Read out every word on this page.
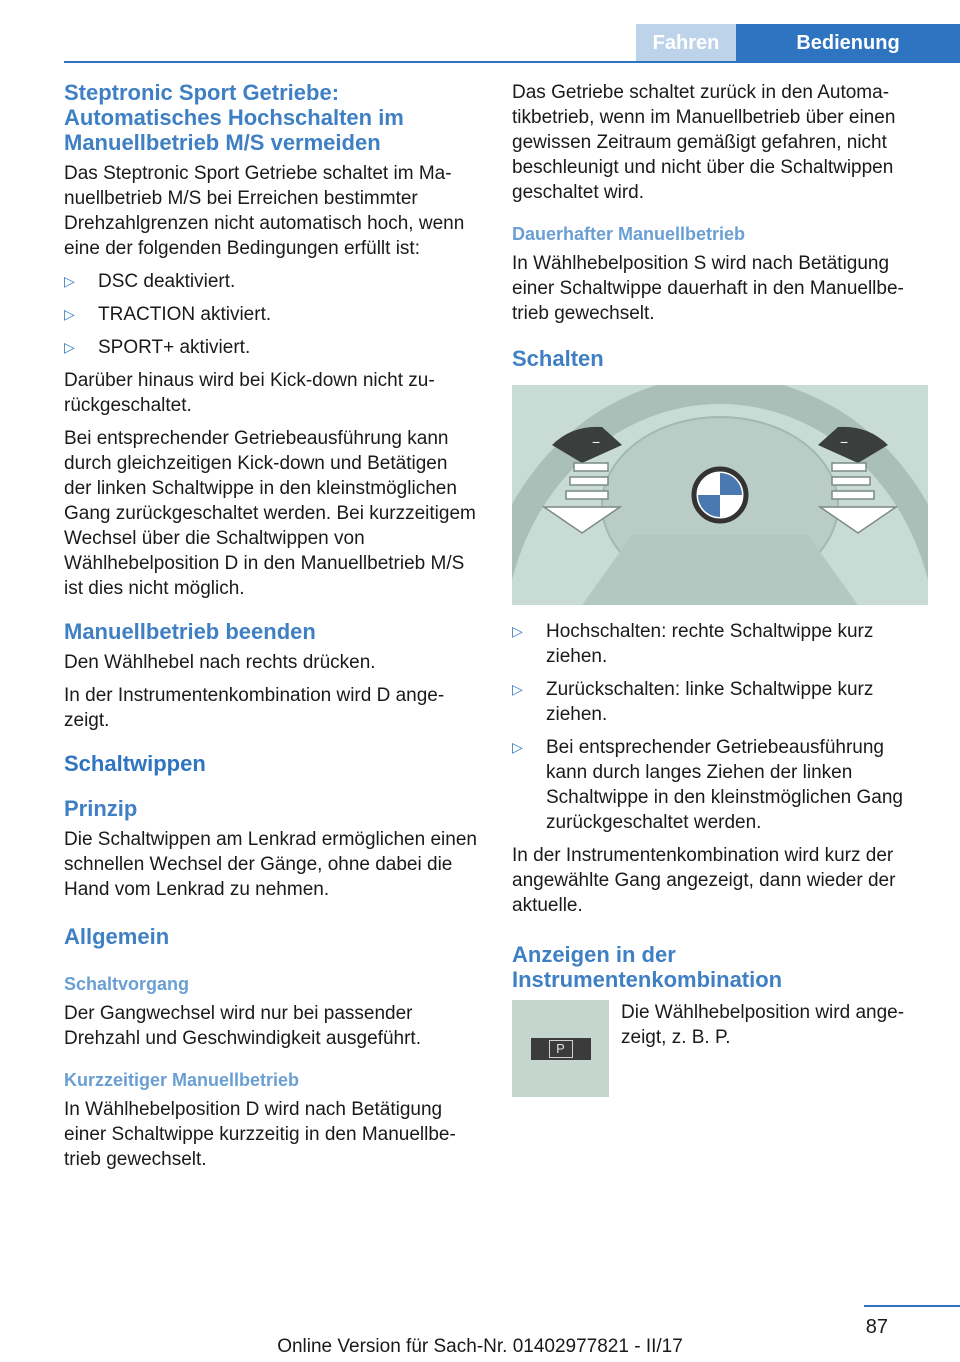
Fahren	Bedienung
Steptronic Sport Getriebe: Automatisches Hochschalten im Manuellbetrieb M/S vermeiden

Das Steptronic Sport Getriebe schaltet im Manuellbetrieb M/S bei Erreichen bestimmter Drehzahlgrenzen nicht automatisch hoch, wenn eine der folgenden Bedingungen erfüllt ist:

▷	DSC deaktiviert.
▷	TRACTION aktiviert.
▷	SPORT+ aktiviert.

Darüber hinaus wird bei Kick-down nicht zurückgeschaltet.

Bei entsprechender Getriebeausführung kann durch gleichzeitigen Kick-down und Betätigen der linken Schaltwippe in den kleinstmöglichen Gang zurückgeschaltet werden. Bei kurzzeitigem Wechsel über die Schaltwippen von Wählhebelposition D in den Manuellbetrieb M/S ist dies nicht möglich.

Manuellbetrieb beenden

Den Wählhebel nach rechts drücken.

In der Instrumentenkombination wird D angezeigt.

Schaltwippen
Prinzip

Die Schaltwippen am Lenkrad ermöglichen einen schnellen Wechsel der Gänge, ohne dabei die Hand vom Lenkrad zu nehmen.

Allgemein
Schaltvorgang

Der Gangwechsel wird nur bei passender Drehzahl und Geschwindigkeit ausgeführt.

Kurzzeitiger Manuellbetrieb

In Wählhebelposition D wird nach Betätigung einer Schaltwippe kurzzeitig in den Manuellbetrieb gewechselt.

Das Getriebe schaltet zurück in den Automatikbetrieb, wenn im Manuellbetrieb über einen gewissen Zeitraum gemäßigt gefahren, nicht beschleunigt und nicht über die Schaltwippen geschaltet wird.

Dauerhafter Manuellbetrieb

In Wählhebelposition S wird nach Betätigung einer Schaltwippe dauerhaft in den Manuellbetrieb gewechselt.

Schalten
−	−
▷	Hochschalten: rechte Schaltwippe kurz ziehen.
▷	Zurückschalten: linke Schaltwippe kurz ziehen.
▷	Bei entsprechender Getriebeausführung kann durch langes Ziehen der linken Schaltwippe in den kleinstmöglichen Gang zurückgeschaltet werden.

In der Instrumentenkombination wird kurz der angewählte Gang angezeigt, dann wieder der aktuelle.

Anzeigen in der Instrumentenkombination
P

Die Wählhebelposition wird angezeigt, z. B. P.

87
Online Version für Sach-Nr. 01402977821 - II/17
